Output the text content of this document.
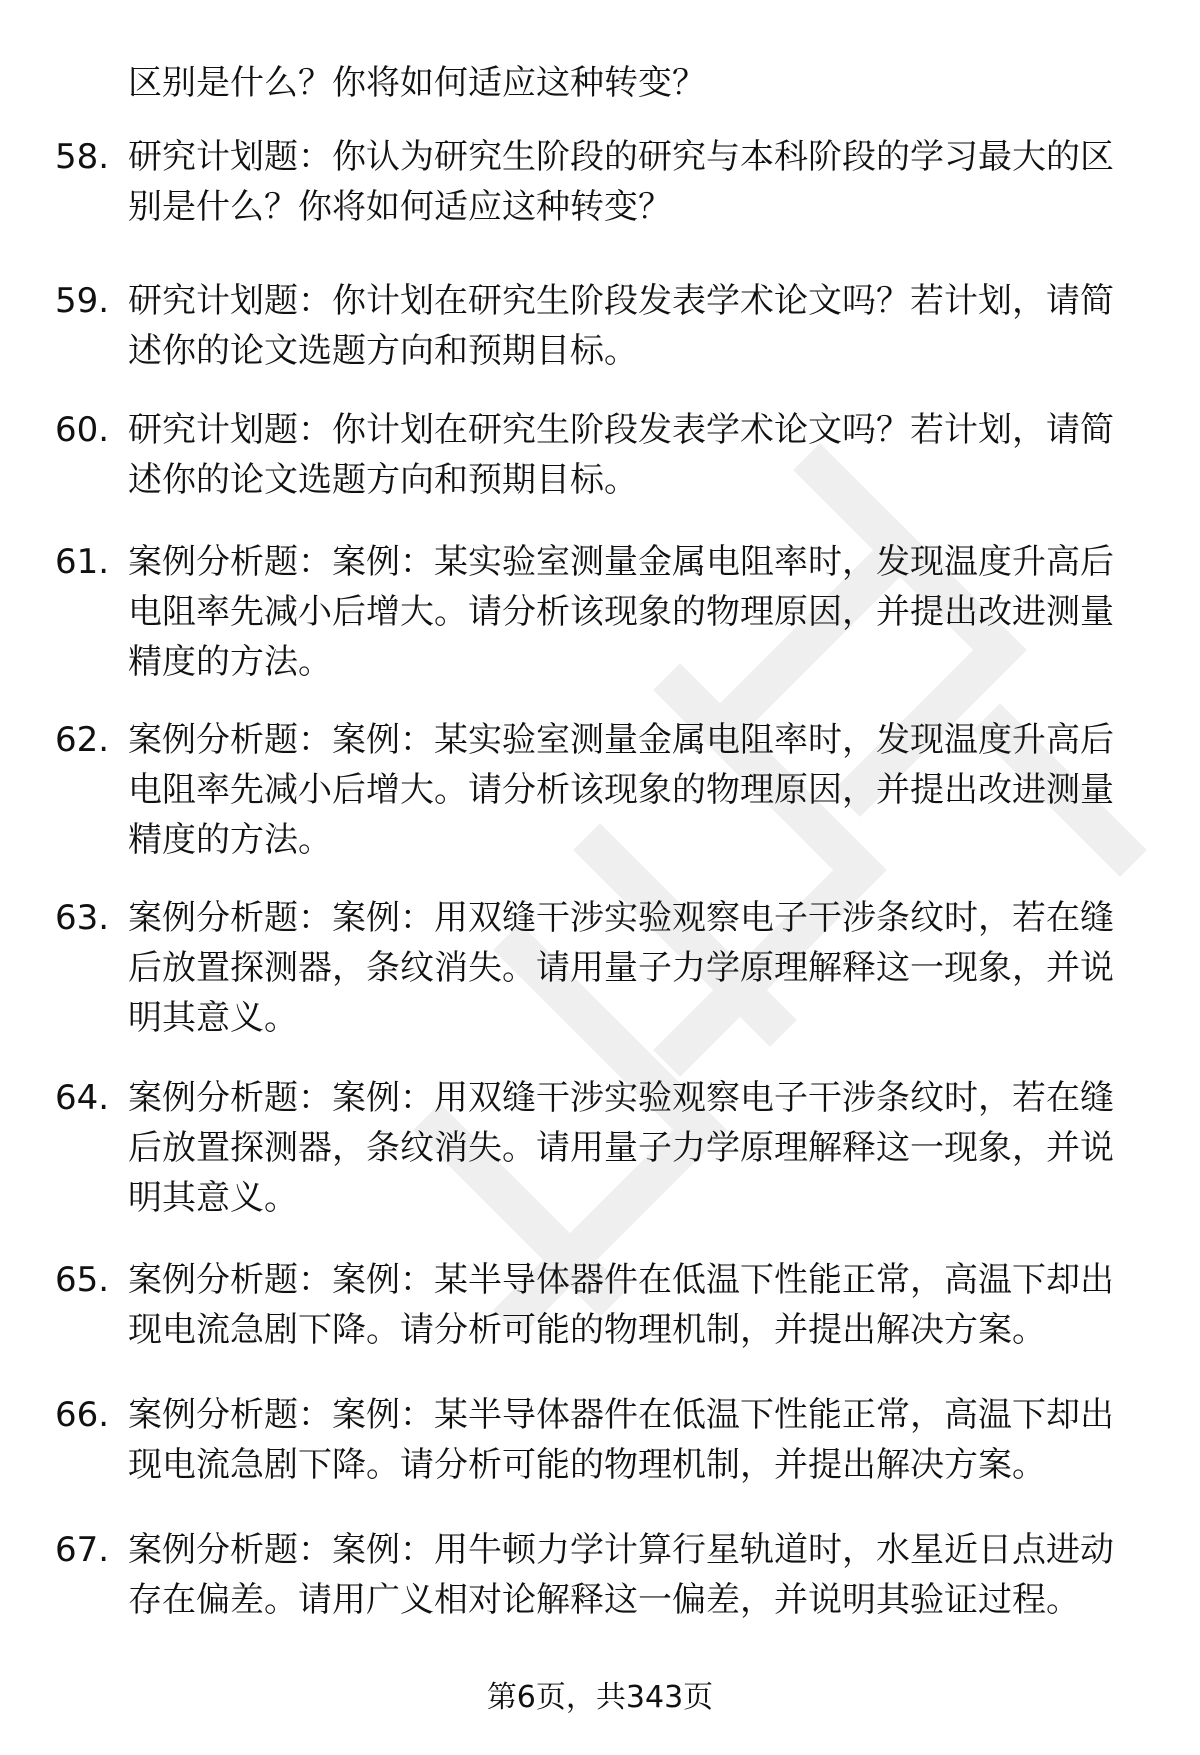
区别是什么？你将如何适应这种转变？
58. 研究计划题：你认为研究生阶段的研究与本科阶段的学习最大的区别是什么？你将如何适应这种转变？
59. 研究计划题：你计划在研究生阶段发表学术论文吗？若计划，请简述你的论文选题方向和预期目标。
60. 研究计划题：你计划在研究生阶段发表学术论文吗？若计划，请简述你的论文选题方向和预期目标。
61. 案例分析题：案例：某实验室测量金属电阻率时，发现温度升高后电阻率先减小后增大。请分析该现象的物理原因，并提出改进测量精度的方法。
62. 案例分析题：案例：某实验室测量金属电阻率时，发现温度升高后电阻率先减小后增大。请分析该现象的物理原因，并提出改进测量精度的方法。
63. 案例分析题：案例：用双缝干涉实验观察电子干涉条纹时，若在缝后放置探测器，条纹消失。请用量子力学原理解释这一现象，并说明其意义。
64. 案例分析题：案例：用双缝干涉实验观察电子干涉条纹时，若在缝后放置探测器，条纹消失。请用量子力学原理解释这一现象，并说明其意义。
65. 案例分析题：案例：某半导体器件在低温下性能正常，高温下却出现电流急剧下降。请分析可能的物理机制，并提出解决方案。
66. 案例分析题：案例：某半导体器件在低温下性能正常，高温下却出现电流急剧下降。请分析可能的物理机制，并提出解决方案。
67. 案例分析题：案例：用牛顿力学计算行星轨道时，水星近日点进动存在偏差。请用广义相对论解释这一偏差，并说明其验证过程。
第6页，共343页
